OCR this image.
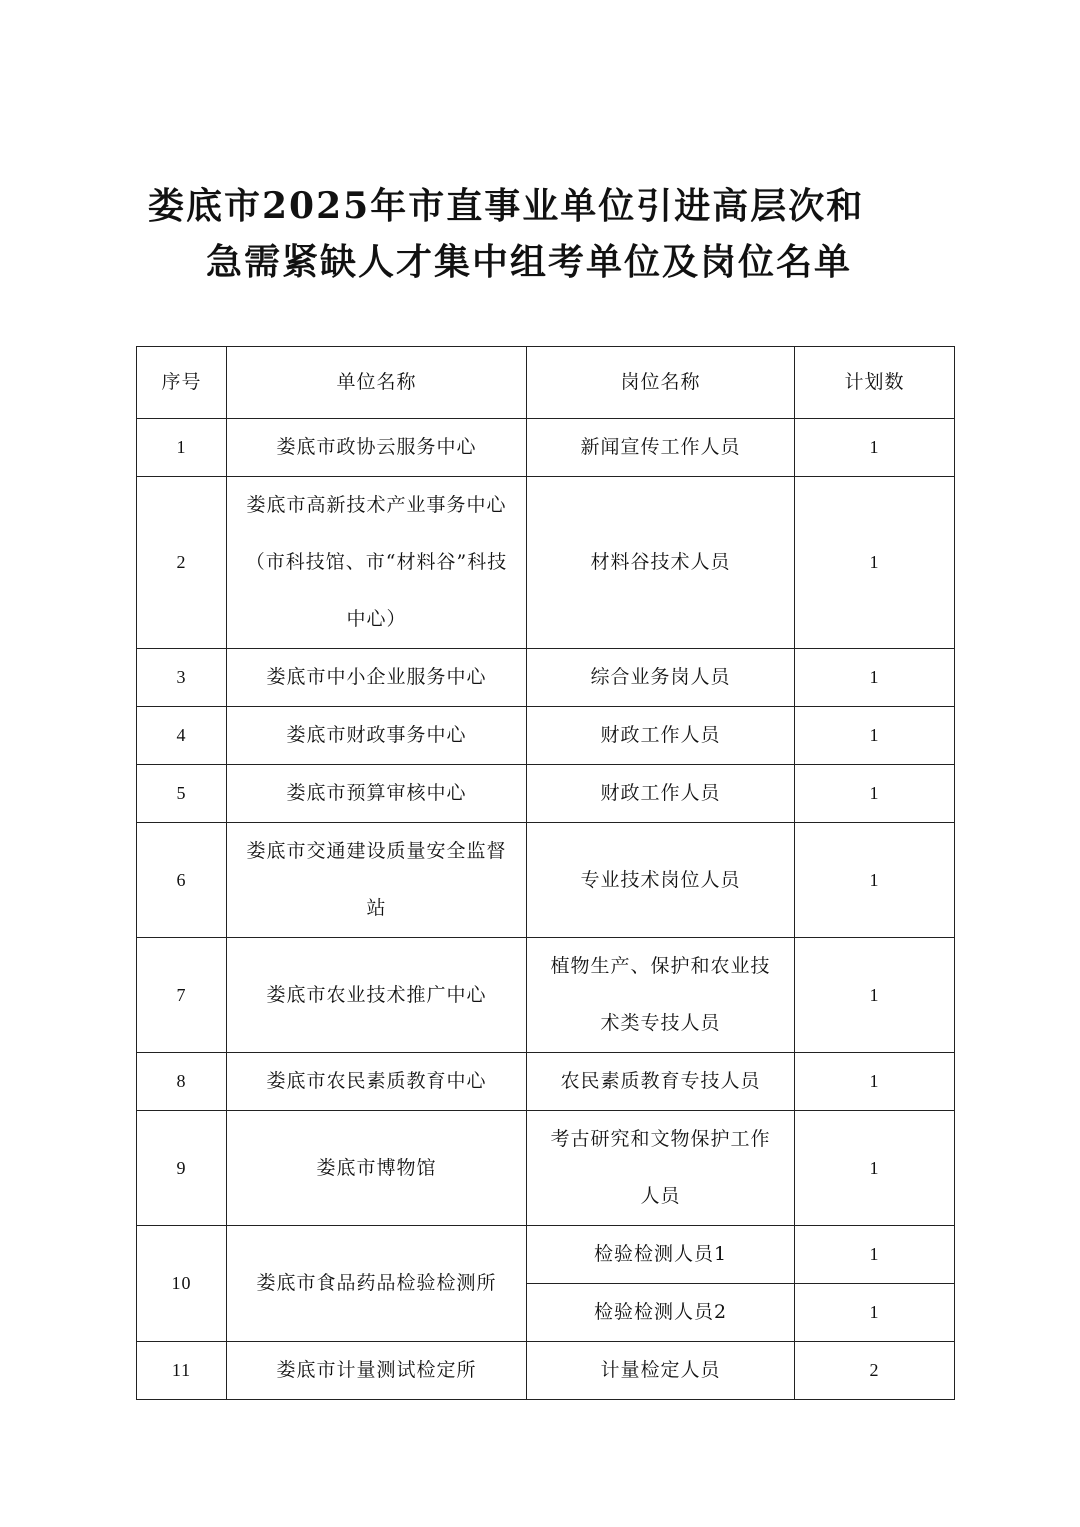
娄底市2025年市直事业单位引进高层次和
急需紧缺人才集中组考单位及岗位名单
序号	单位名称	岗位名称	计划数
1	娄底市政协云服务中心	新闻宣传工作人员	1
2	娄底市高新技术产业事务中心（市科技馆、市“材料谷”科技中心）	材料谷技术人员	1
3	娄底市中小企业服务中心	综合业务岗人员	1
4	娄底市财政事务中心	财政工作人员	1
5	娄底市预算审核中心	财政工作人员	1
6	娄底市交通建设质量安全监督站	专业技术岗位人员	1
7	娄底市农业技术推广中心	植物生产、保护和农业技术类专技人员	1
8	娄底市农民素质教育中心	农民素质教育专技人员	1
9	娄底市博物馆	考古研究和文物保护工作人员	1
10	娄底市食品药品检验检测所	检验检测人员1	1
		检验检测人员2	1
11	娄底市计量测试检定所	计量检定人员	2
